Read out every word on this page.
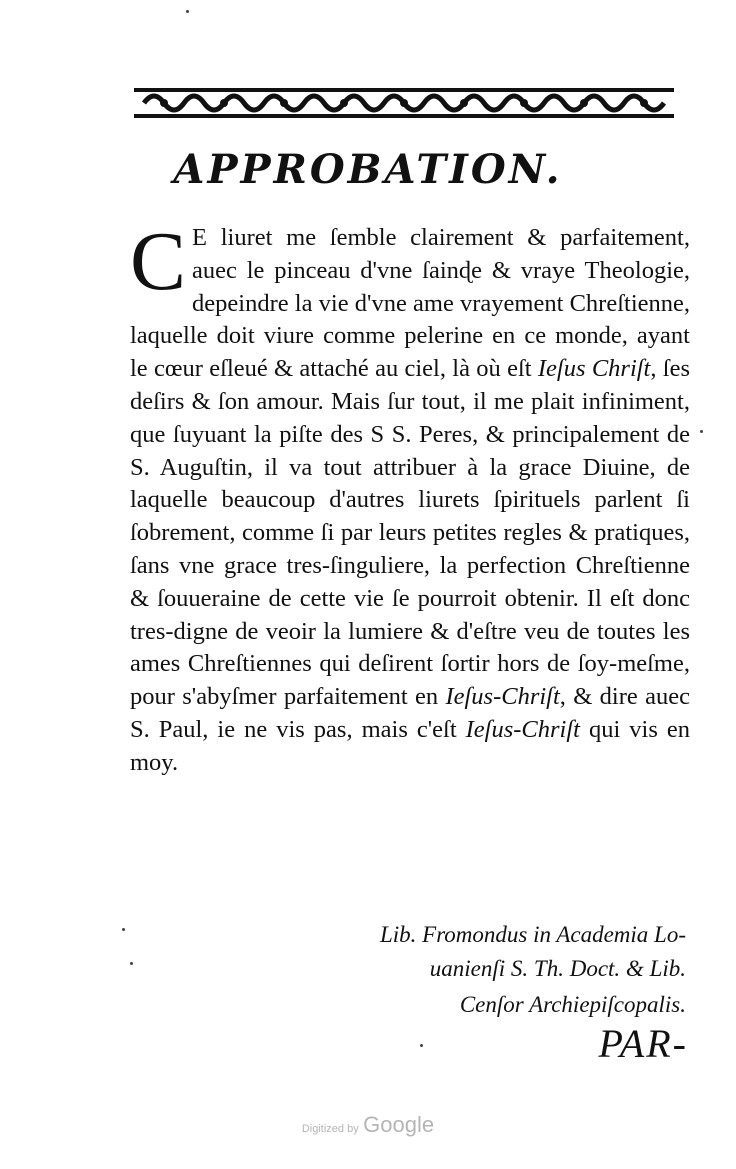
APPROBATION.
C E liuret me ſemble clairement & parfaitement, auec le pinceau d'vne ſainɖe & vraye Theologie, depeindre la vie d'vne ame vrayement Chreſtienne, laquelle doit viure comme pelerine en ce monde, ayant le cœur eſleué & attaché au ciel, là où eſt Ieſus Chriſt, ſes deſirs & ſon amour. Mais ſur tout, il me plait infiniment, que ſuyuant la piſte des S S. Peres, & principalement de S. Auguſtin, il va tout attribuer à la grace Diuine, de laquelle beaucoup d'autres liurets ſpirituels parlent ſi ſobrement, comme ſi par leurs petites regles & pratiques, ſans vne grace tres-ſinguliere, la perfection Chreſtienne & ſouueraine de cette vie ſe pourroit obtenir. Il eſt donc tres-digne de veoir la lumiere & d'eſtre veu de toutes les ames Chreſtiennes qui deſirent ſortir hors de ſoy-meſme, pour s'abyſmer parfaitement en Ieſus-Chriſt, & dire auec S. Paul, ie ne vis pas, mais c'eſt Ieſus-Chriſt qui vis en moy.
Lib. Fromondus in Academia Lo-
uanienſi S. Th. Doct. & Lib.
Cenſor Archiepiſcopalis.
PAR-
Digitized by Google
